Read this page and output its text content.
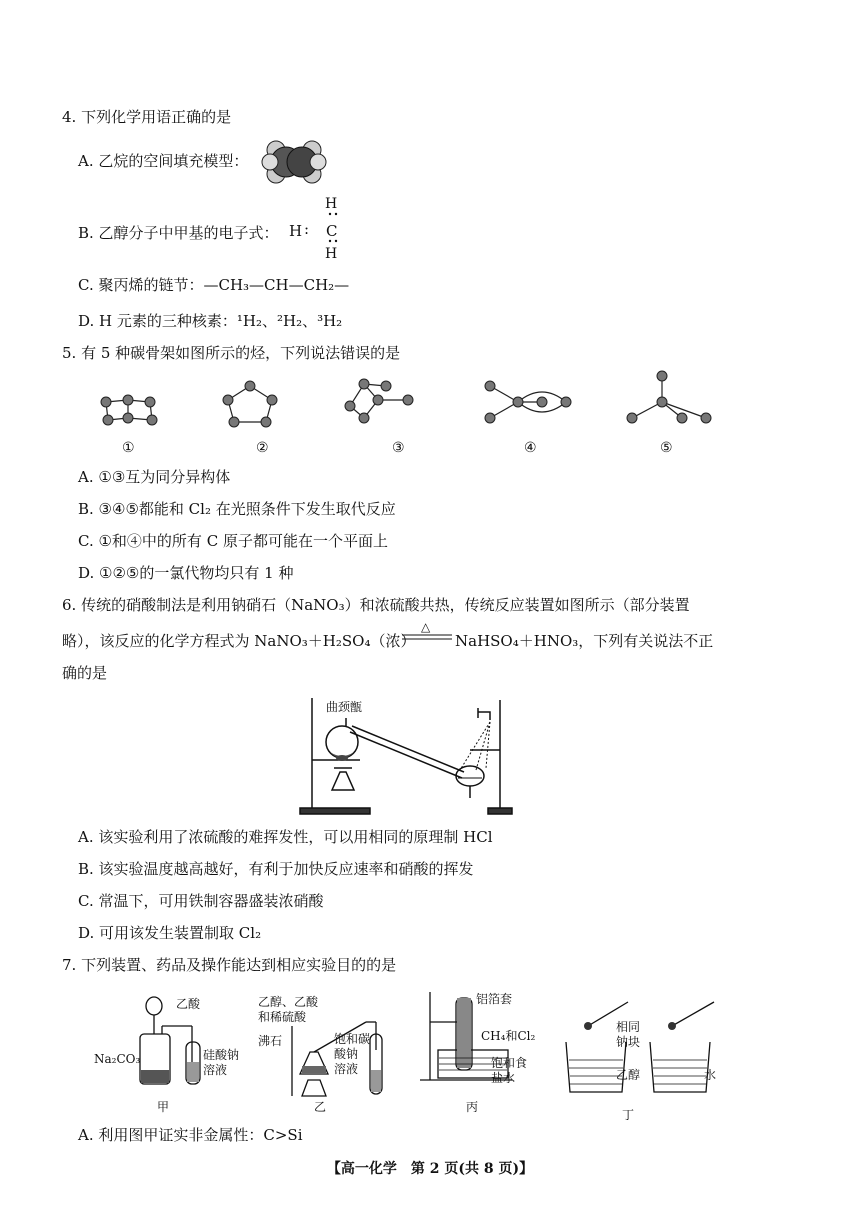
4. 下列化学用语正确的是
A. 乙烷的空间填充模型：
H
B. 乙醇分子中甲基的电子式： H : C
H
C. 聚丙烯的链节：—CH₃—CH—CH₂—
D. H 元素的三种核素：¹H₂、²H₂、³H₂
5. 有 5 种碳骨架如图所示的烃，下列说法错误的是
①	②	③	④	⑤
A. ①③互为同分异构体
B. ③④⑤都能和 Cl₂ 在光照条件下发生取代反应
C. ①和④中的所有 C 原子都可能在一个平面上
D. ①②⑤的一氯代物均只有 1 种
6. 传统的硝酸制法是利用钠硝石（NaNO₃）和浓硫酸共热，传统反应装置如图所示（部分装置
略），该反应的化学方程式为 NaNO₃＋H₂SO₄（浓）
△
NaHSO₄＋HNO₃，下列有关说法不正
确的是
曲颈甑
A. 该实验利用了浓硫酸的难挥发性，可以用相同的原理制 HCl
B. 该实验温度越高越好，有利于加快反应速率和硝酸的挥发
C. 常温下，可用铁制容器盛装浓硝酸
D. 可用该发生装置制取 Cl₂
7. 下列装置、药品及操作能达到相应实验目的的是
乙酸
Na₂CO₃	硅酸钠
溶液
甲
乙醇、乙酸
和稀硫酸
沸石	饱和碳
酸钠
溶液
乙
铝箔套
CH₄和Cl₂
饱和食
盐水
丙
相同
钠块
乙醇	水
丁
A. 利用图甲证实非金属性：C>Si
【高一化学　第 2 页(共 8 页)】
